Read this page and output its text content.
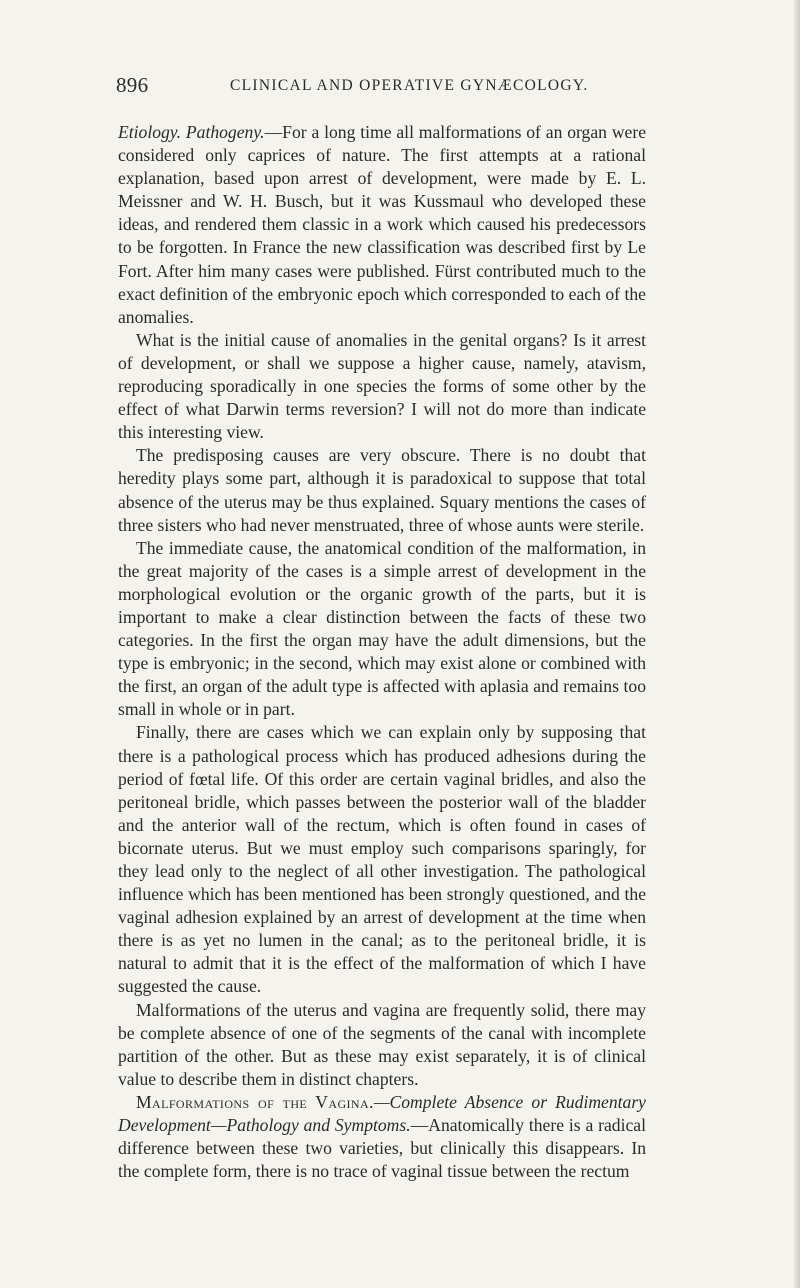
896	CLINICAL AND OPERATIVE GYNÆCOLOGY.

Etiology. Pathogeny.—For a long time all malformations of an organ were considered only caprices of nature. The first attempts at a rational explanation, based upon arrest of development, were made by E. L. Meissner and W. H. Busch, but it was Kussmaul who developed these ideas, and rendered them classic in a work which caused his predecessors to be forgotten. In France the new classification was described first by Le Fort. After him many cases were published. Fürst contributed much to the exact definition of the embryonic epoch which corresponded to each of the anomalies.

What is the initial cause of anomalies in the genital organs? Is it arrest of development, or shall we suppose a higher cause, namely, atavism, reproducing sporadically in one species the forms of some other by the effect of what Darwin terms reversion? I will not do more than indicate this interesting view.

The predisposing causes are very obscure. There is no doubt that heredity plays some part, although it is paradoxical to suppose that total absence of the uterus may be thus explained. Squary mentions the cases of three sisters who had never menstruated, three of whose aunts were sterile.

The immediate cause, the anatomical condition of the malformation, in the great majority of the cases is a simple arrest of development in the morphological evolution or the organic growth of the parts, but it is important to make a clear distinction between the facts of these two categories. In the first the organ may have the adult dimensions, but the type is embryonic; in the second, which may exist alone or combined with the first, an organ of the adult type is affected with aplasia and remains too small in whole or in part.

Finally, there are cases which we can explain only by supposing that there is a pathological process which has produced adhesions during the period of fœtal life. Of this order are certain vaginal bridles, and also the peritoneal bridle, which passes between the posterior wall of the bladder and the anterior wall of the rectum, which is often found in cases of bicornate uterus. But we must employ such comparisons sparingly, for they lead only to the neglect of all other investigation. The pathological influence which has been mentioned has been strongly questioned, and the vaginal adhesion explained by an arrest of development at the time when there is as yet no lumen in the canal; as to the peritoneal bridle, it is natural to admit that it is the effect of the malformation of which I have suggested the cause.

Malformations of the uterus and vagina are frequently solid, there may be complete absence of one of the segments of the canal with incomplete partition of the other. But as these may exist separately, it is of clinical value to describe them in distinct chapters.

Malformations of the Vagina.—Complete Absence or Rudimentary Development—Pathology and Symptoms.—Anatomically there is a radical difference between these two varieties, but clinically this disappears. In the complete form, there is no trace of vaginal tissue between the rectum
